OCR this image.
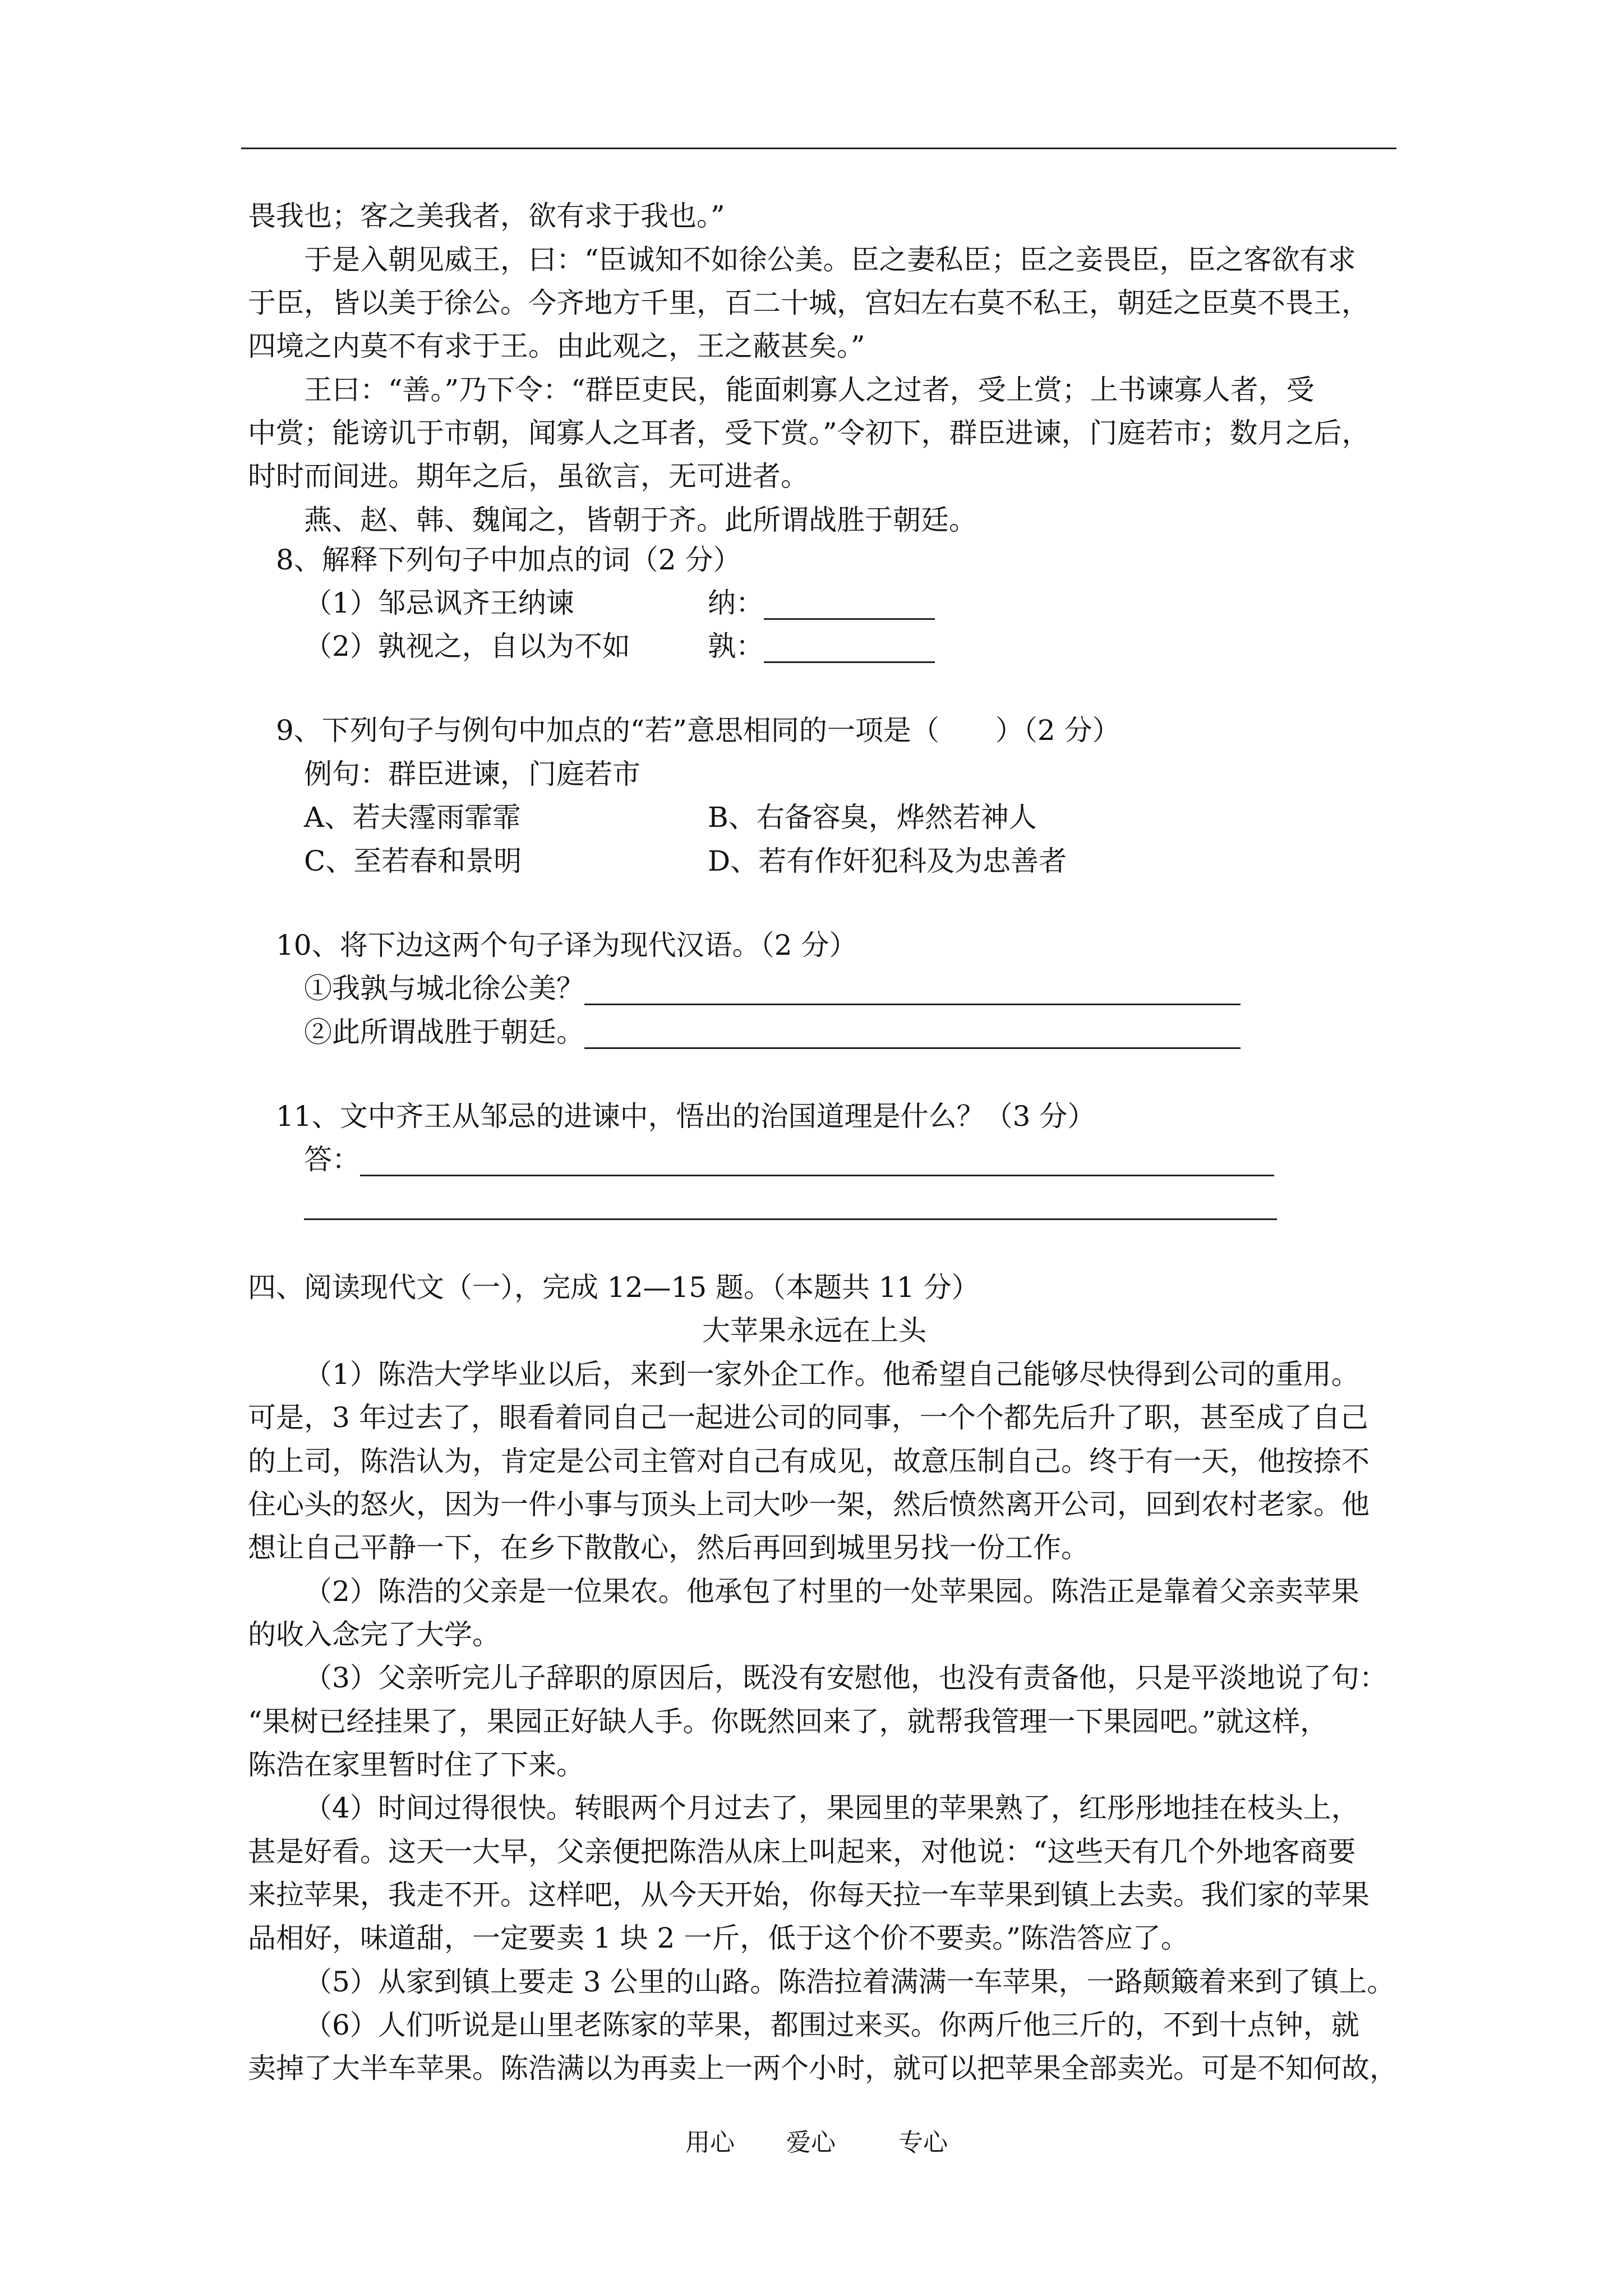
畏我也；客之美我者，欲有求于我也。”
于是入朝见威王，曰：“臣诚知不如徐公美。臣之妻私臣；臣之妾畏臣，臣之客欲有求
于臣，皆以美于徐公。今齐地方千里，百二十城，宫妇左右莫不私王，朝廷之臣莫不畏王，
四境之内莫不有求于王。由此观之，王之蔽甚矣。”
王曰：“善。”乃下令：“群臣吏民，能面刺寡人之过者，受上赏；上书谏寡人者，受
中赏；能谤讥于市朝，闻寡人之耳者，受下赏。”令初下，群臣进谏，门庭若市；数月之后，
时时而间进。期年之后，虽欲言，无可进者。
燕、赵、韩、魏闻之，皆朝于齐。此所谓战胜于朝廷。
8、解释下列句子中加点的词（2 分）
（1）邹忌讽齐王纳谏	纳：
（2）孰视之，自以为不如	孰：
9、下列句子与例句中加点的“若”意思相同的一项是（　　）（2 分）
例句：群臣进谏，门庭若市
A、若夫霪雨霏霏	B、右备容臭，烨然若神人
C、至若春和景明	D、若有作奸犯科及为忠善者
10、将下边这两个句子译为现代汉语。（2 分）
①我孰与城北徐公美？
②此所谓战胜于朝廷。
11、文中齐王从邹忌的进谏中，悟出的治国道理是什么？（3 分）
答：
四、阅读现代文（一），完成 12—15 题。（本题共 11 分）
大苹果永远在上头
（1）陈浩大学毕业以后，来到一家外企工作。他希望自己能够尽快得到公司的重用。
可是，3 年过去了，眼看着同自己一起进公司的同事，一个个都先后升了职，甚至成了自己
的上司，陈浩认为，肯定是公司主管对自己有成见，故意压制自己。终于有一天，他按捺不
住心头的怒火，因为一件小事与顶头上司大吵一架，然后愤然离开公司，回到农村老家。他
想让自己平静一下，在乡下散散心，然后再回到城里另找一份工作。
（2）陈浩的父亲是一位果农。他承包了村里的一处苹果园。陈浩正是靠着父亲卖苹果
的收入念完了大学。
（3）父亲听完儿子辞职的原因后，既没有安慰他，也没有责备他，只是平淡地说了句：
“果树已经挂果了，果园正好缺人手。你既然回来了，就帮我管理一下果园吧。”就这样，
陈浩在家里暂时住了下来。
（4）时间过得很快。转眼两个月过去了，果园里的苹果熟了，红彤彤地挂在枝头上，
甚是好看。这天一大早，父亲便把陈浩从床上叫起来，对他说：“这些天有几个外地客商要
来拉苹果，我走不开。这样吧，从今天开始，你每天拉一车苹果到镇上去卖。我们家的苹果
品相好，味道甜，一定要卖 1 块 2 一斤，低于这个价不要卖。”陈浩答应了。
（5）从家到镇上要走 3 公里的山路。陈浩拉着满满一车苹果，一路颠簸着来到了镇上。
（6）人们听说是山里老陈家的苹果，都围过来买。你两斤他三斤的，不到十点钟，就
卖掉了大半车苹果。陈浩满以为再卖上一两个小时，就可以把苹果全部卖光。可是不知何故，
用心 爱心	专心
